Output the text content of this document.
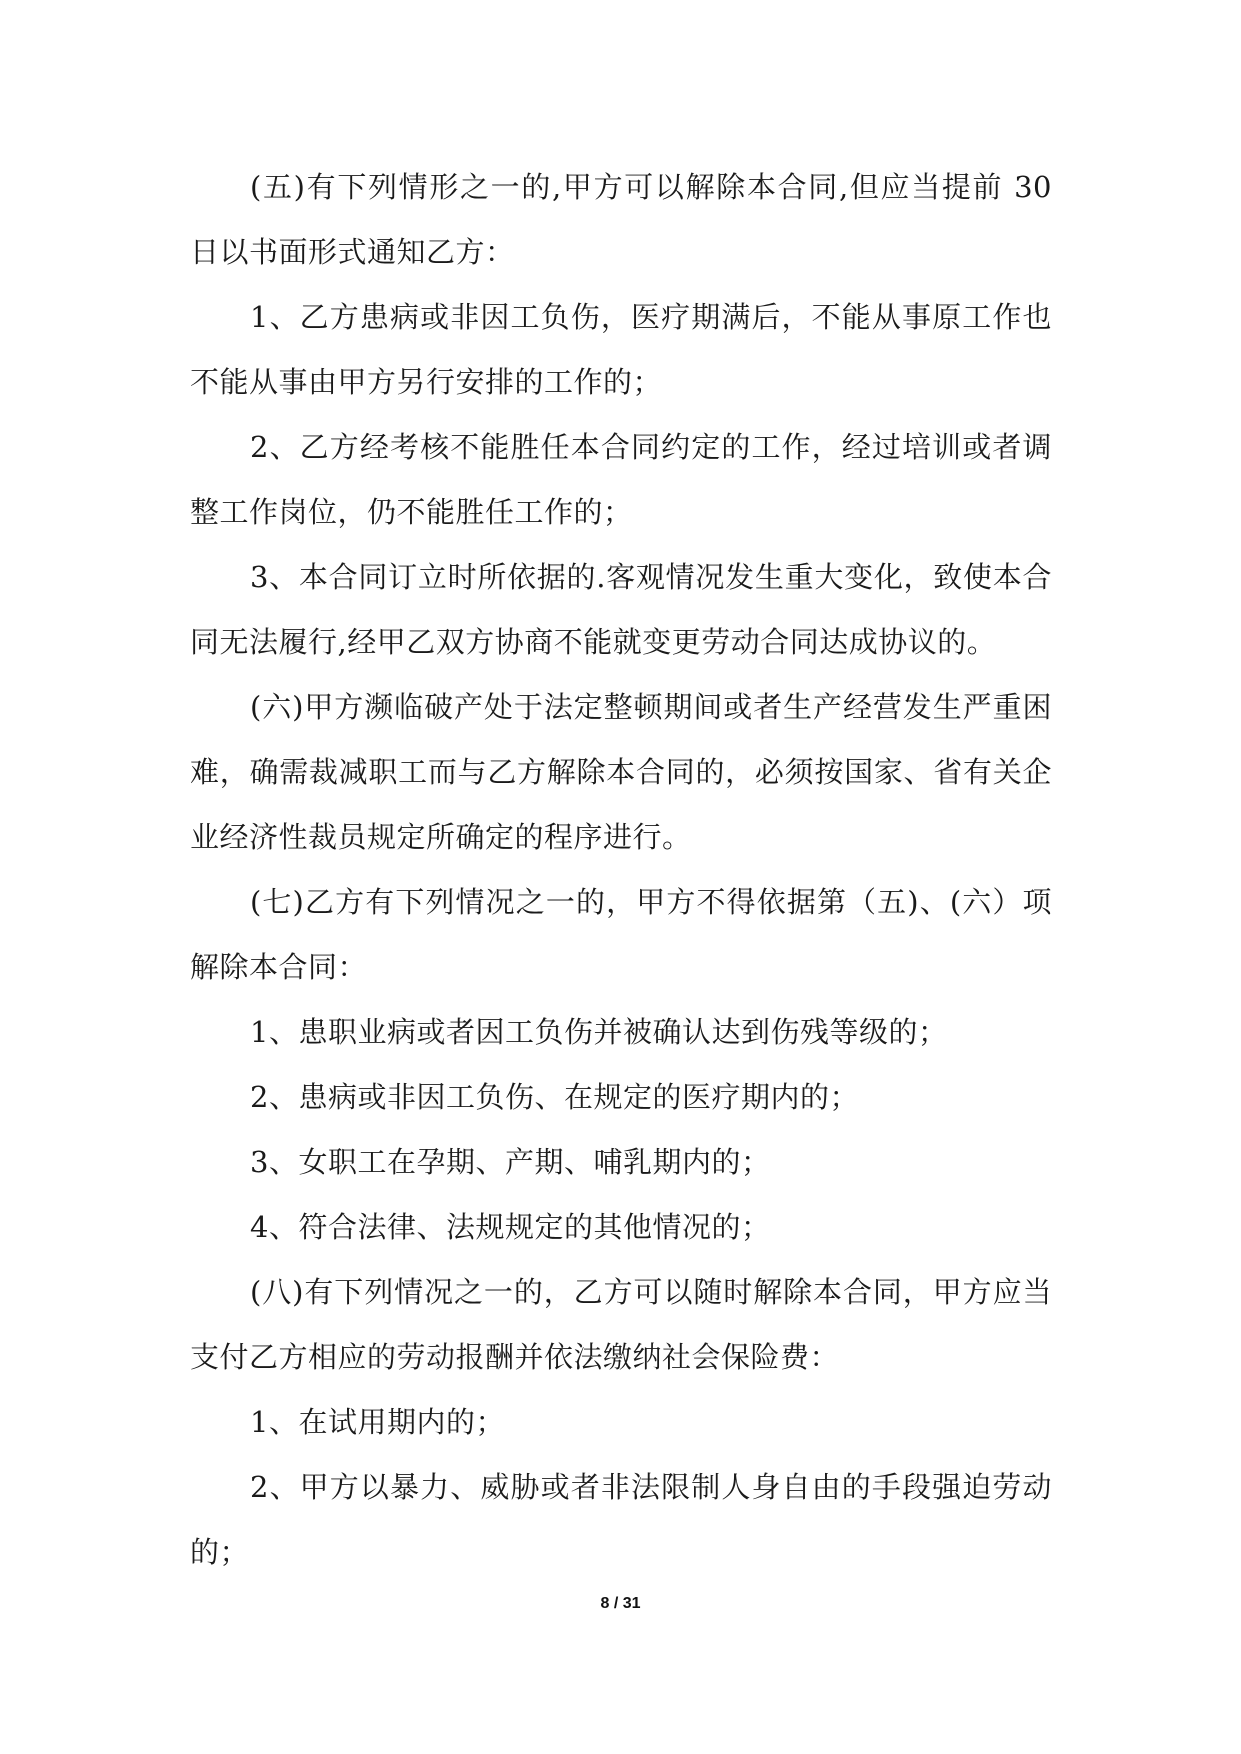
(五)有下列情形之一的,甲方可以解除本合同,但应当提前 30 日以书面形式通知乙方：

1、乙方患病或非因工负伤，医疗期满后，不能从事原工作也不能从事由甲方另行安排的工作的；

2、乙方经考核不能胜任本合同约定的工作，经过培训或者调整工作岗位，仍不能胜任工作的；

3、本合同订立时所依据的.客观情况发生重大变化，致使本合同无法履行,经甲乙双方协商不能就变更劳动合同达成协议的。

(六)甲方濒临破产处于法定整顿期间或者生产经营发生严重困难，确需裁减职工而与乙方解除本合同的，必须按国家、省有关企业经济性裁员规定所确定的程序进行。

(七)乙方有下列情况之一的，甲方不得依据第（五)、(六）项解除本合同：

1、患职业病或者因工负伤并被确认达到伤残等级的；

2、患病或非因工负伤、在规定的医疗期内的；

3、女职工在孕期、产期、哺乳期内的；

4、符合法律、法规规定的其他情况的；

(八)有下列情况之一的，乙方可以随时解除本合同，甲方应当支付乙方相应的劳动报酬并依法缴纳社会保险费：

1、在试用期内的；

2、甲方以暴力、威胁或者非法限制人身自由的手段强迫劳动的；

8 / 31
